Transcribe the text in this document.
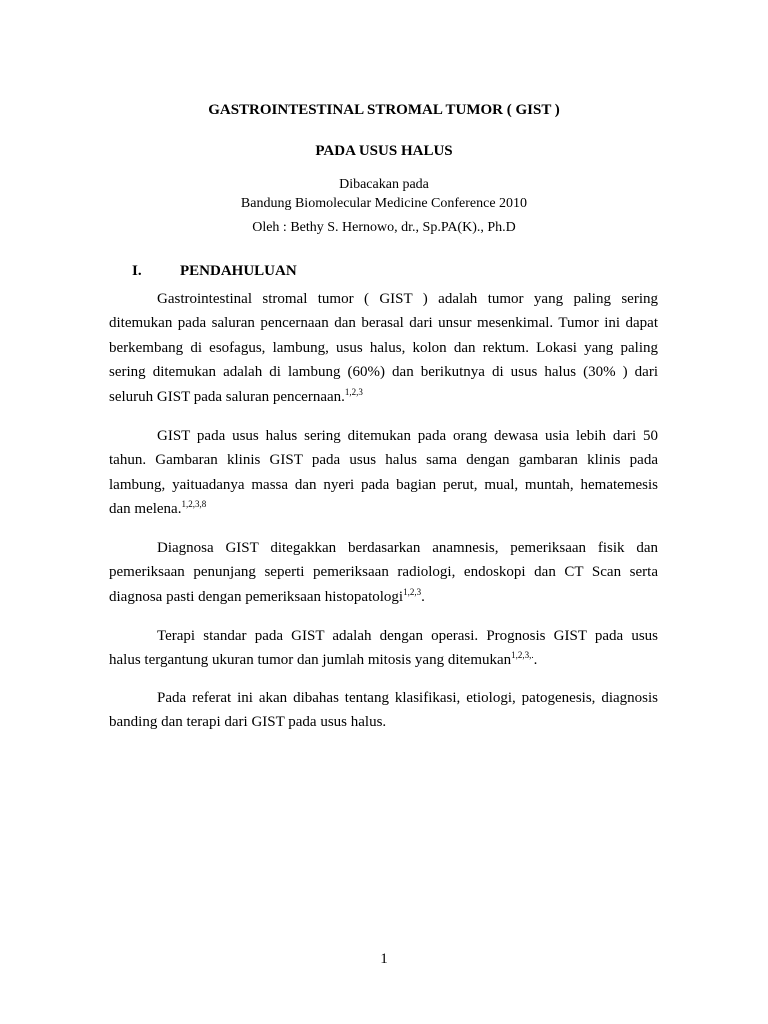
GASTROINTESTINAL STROMAL TUMOR ( GIST )
PADA USUS HALUS
Dibacakan pada
Bandung Biomolecular Medicine Conference 2010
Oleh : Bethy S. Hernowo, dr., Sp.PA(K)., Ph.D
I.	PENDAHULUAN
Gastrointestinal stromal tumor ( GIST ) adalah tumor yang paling sering
ditemukan pada saluran pencernaan dan berasal dari unsur mesenkimal. Tumor ini dapat
berkembang di esofagus, lambung, usus halus, kolon dan rektum. Lokasi yang paling
sering ditemukan adalah di lambung (60%) dan berikutnya di usus halus (30% ) dari
seluruh GIST pada saluran pencernaan.$^{1,2,3}$
GIST pada usus halus sering ditemukan pada orang dewasa usia lebih dari 50
tahun. Gambaran klinis GIST pada usus halus sama dengan gambaran klinis pada
lambung, yaituadanya massa dan nyeri pada bagian perut, mual, muntah, hematemesis
dan melena.$^{1,2,3,8}$
Diagnosa GIST ditegakkan berdasarkan anamnesis, pemeriksaan fisik dan
pemeriksaan penunjang seperti pemeriksaan radiologi, endoskopi dan CT Scan serta
diagnosa pasti dengan pemeriksaan histopatologi$^{1,2,3}$.
Terapi standar pada GIST adalah dengan operasi. Prognosis GIST pada usus
halus tergantung ukuran tumor dan jumlah mitosis yang ditemukan$^{1,2,3,.}$.
Pada referat ini akan dibahas tentang klasifikasi, etiologi, patogenesis, diagnosis
banding dan terapi dari GIST pada usus halus.
1
